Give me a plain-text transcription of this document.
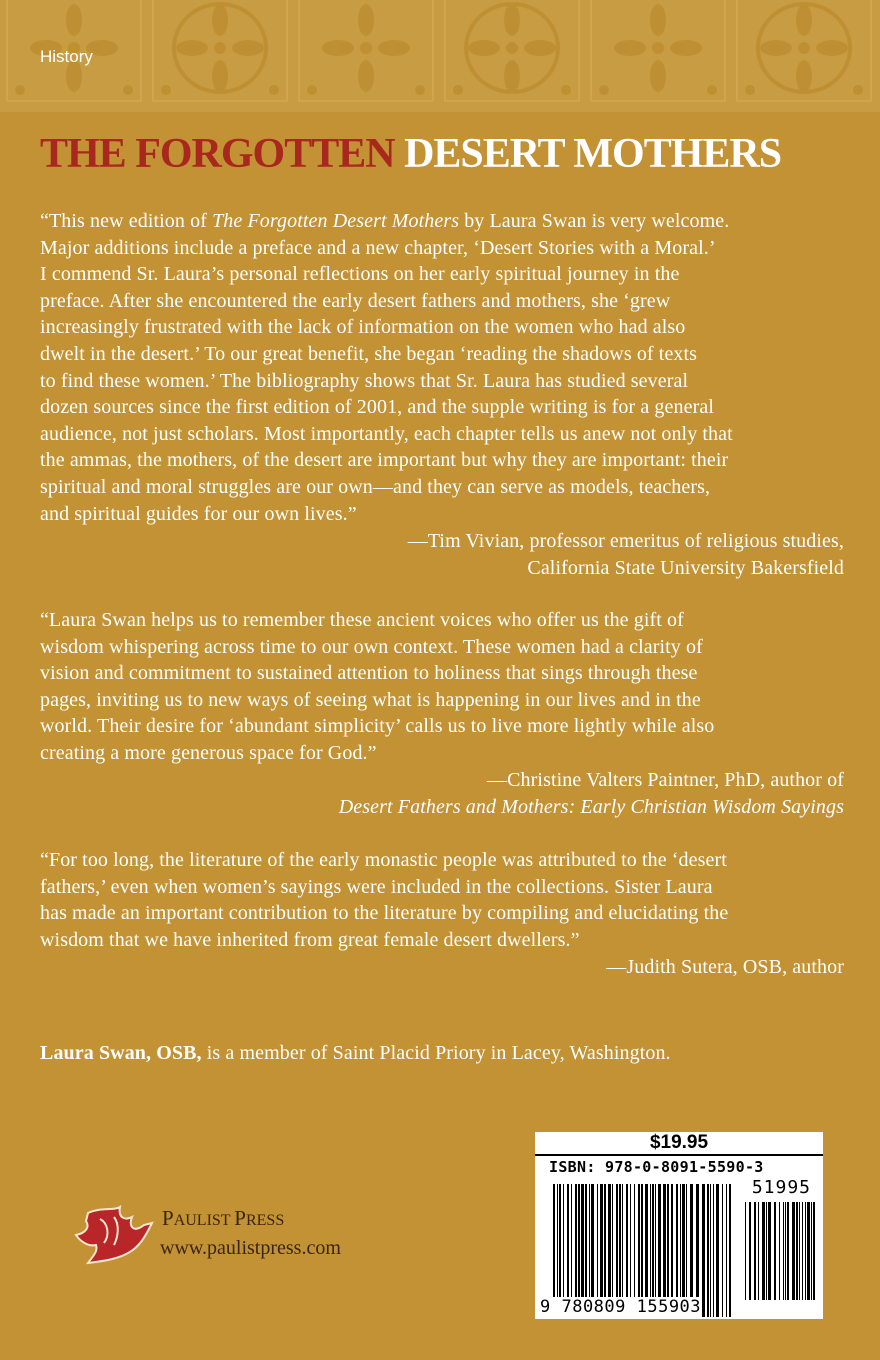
History
THE FORGOTTEN DESERT MOTHERS
“This new edition of The Forgotten Desert Mothers by Laura Swan is very welcome.
Major additions include a preface and a new chapter, ‘Desert Stories with a Moral.’
I commend Sr. Laura’s personal reflections on her early spiritual journey in the
preface. After she encountered the early desert fathers and mothers, she ‘grew
increasingly frustrated with the lack of information on the women who had also
dwelt in the desert.’ To our great benefit, she began ‘reading the shadows of texts
to find these women.’ The bibliography shows that Sr. Laura has studied several
dozen sources since the first edition of 2001, and the supple writing is for a general
audience, not just scholars. Most importantly, each chapter tells us anew not only that
the ammas, the mothers, of the desert are important but why they are important: their
spiritual and moral struggles are our own—and they can serve as models, teachers,
and spiritual guides for our own lives.”
—Tim Vivian, professor emeritus of religious studies,
California State University Bakersfield
“Laura Swan helps us to remember these ancient voices who offer us the gift of
wisdom whispering across time to our own context. These women had a clarity of
vision and commitment to sustained attention to holiness that sings through these
pages, inviting us to new ways of seeing what is happening in our lives and in the
world. Their desire for ‘abundant simplicity’ calls us to live more lightly while also
creating a more generous space for God.”
—Christine Valters Paintner, PhD, author of
Desert Fathers and Mothers: Early Christian Wisdom Sayings
“For too long, the literature of the early monastic people was attributed to the ‘desert
fathers,’ even when women’s sayings were included in the collections. Sister Laura
has made an important contribution to the literature by compiling and elucidating the
wisdom that we have inherited from great female desert dwellers.”
—Judith Sutera, OSB, author
Laura Swan, OSB, is a member of Saint Placid Priory in Lacey, Washington.
PAULIST PRESS
www.paulistpress.com
$19.95
ISBN: 978-0-8091-5590-3
51995
9 780809 155903
